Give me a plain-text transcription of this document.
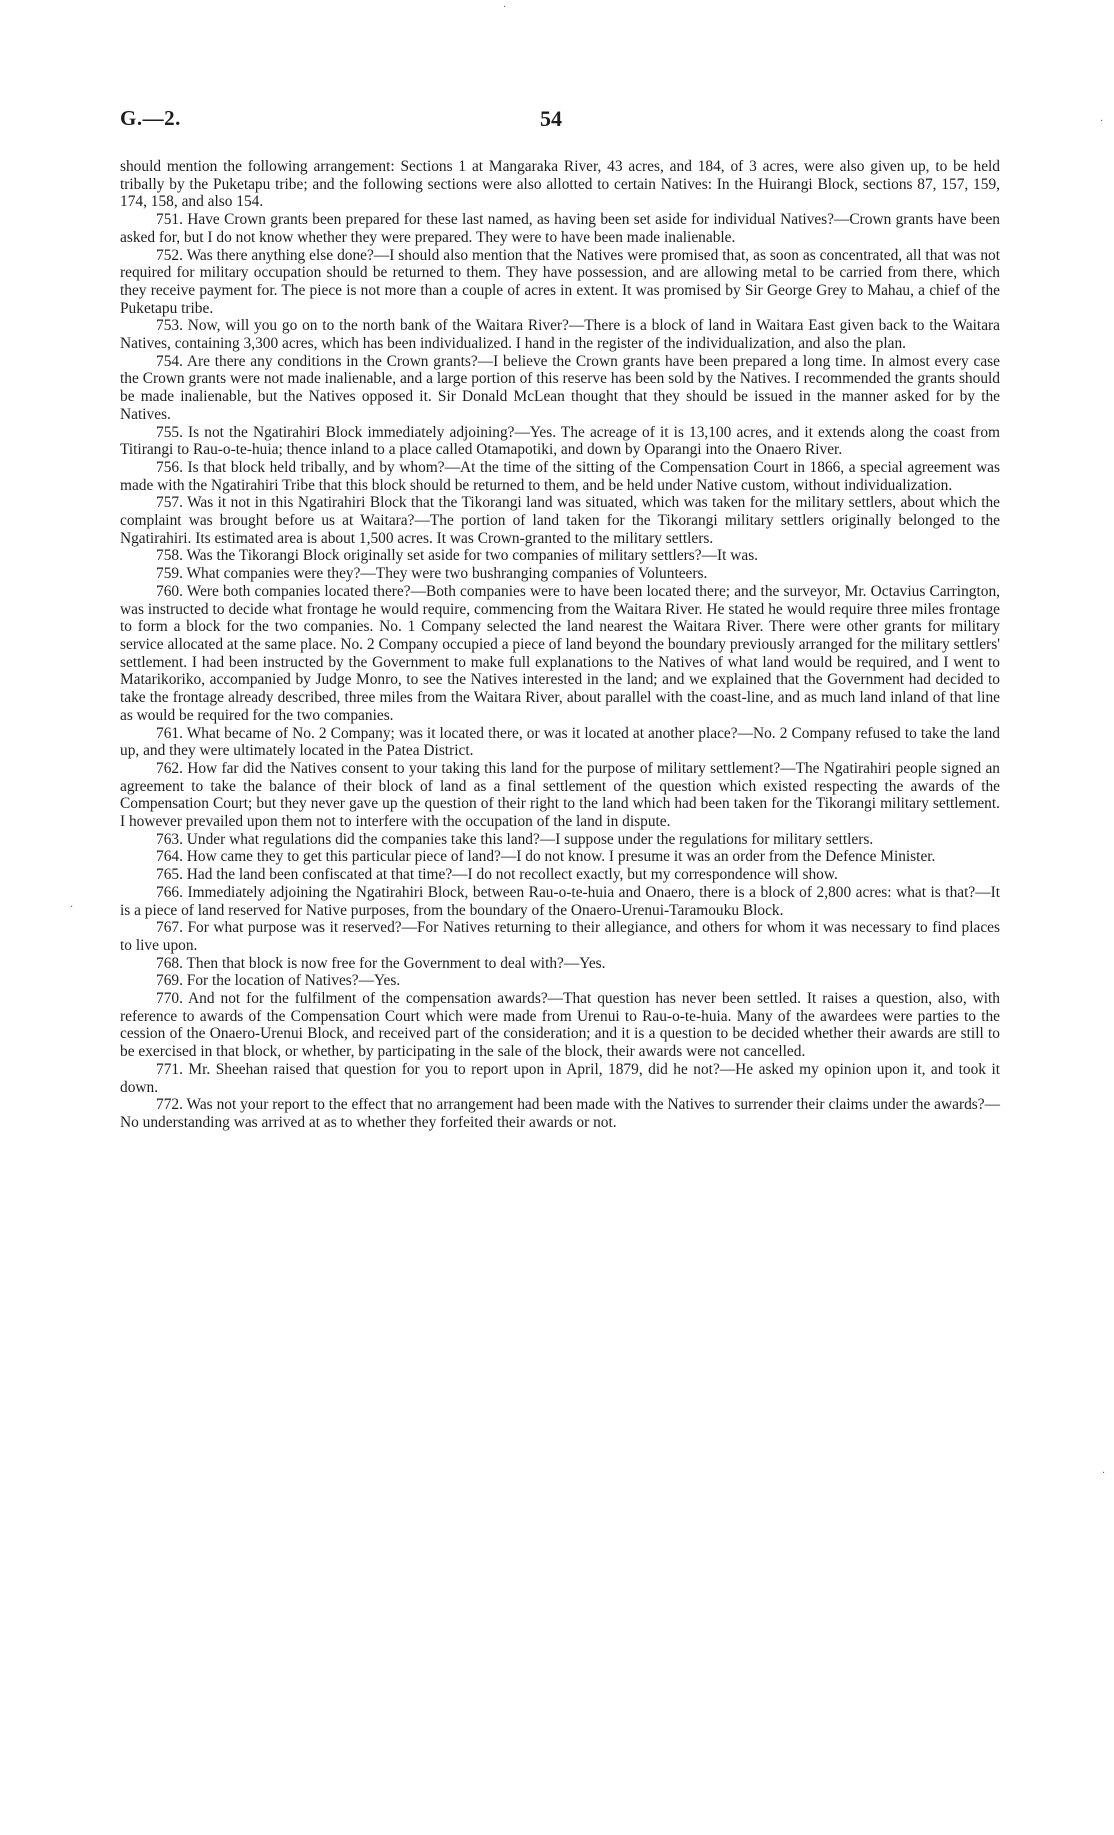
G.—2.	54

should mention the following arrangement: Sections 1 at Mangaraka River, 43 acres, and 184, of 3 acres, were also given up, to be held tribally by the Puketapu tribe; and the following sections were also allotted to certain Natives: In the Huirangi Block, sections 87, 157, 159, 174, 158, and also 154.

751. Have Crown grants been prepared for these last named, as having been set aside for individual Natives?—Crown grants have been asked for, but I do not know whether they were prepared. They were to have been made inalienable.

752. Was there anything else done?—I should also mention that the Natives were promised that, as soon as concentrated, all that was not required for military occupation should be returned to them. They have possession, and are allowing metal to be carried from there, which they receive payment for. The piece is not more than a couple of acres in extent. It was promised by Sir George Grey to Mahau, a chief of the Puketapu tribe.

753. Now, will you go on to the north bank of the Waitara River?—There is a block of land in Waitara East given back to the Waitara Natives, containing 3,300 acres, which has been individualized. I hand in the register of the individualization, and also the plan.

754. Are there any conditions in the Crown grants?—I believe the Crown grants have been prepared a long time. In almost every case the Crown grants were not made inalienable, and a large portion of this reserve has been sold by the Natives. I recommended the grants should be made inalienable, but the Natives opposed it. Sir Donald McLean thought that they should be issued in the manner asked for by the Natives.

755. Is not the Ngatirahiri Block immediately adjoining?—Yes. The acreage of it is 13,100 acres, and it extends along the coast from Titirangi to Rau-o-te-huia; thence inland to a place called Otamapotiki, and down by Oparangi into the Onaero River.

756. Is that block held tribally, and by whom?—At the time of the sitting of the Compensation Court in 1866, a special agreement was made with the Ngatirahiri Tribe that this block should be returned to them, and be held under Native custom, without individualization.

757. Was it not in this Ngatirahiri Block that the Tikorangi land was situated, which was taken for the military settlers, about which the complaint was brought before us at Waitara?—The portion of land taken for the Tikorangi military settlers originally belonged to the Ngatirahiri. Its estimated area is about 1,500 acres. It was Crown-granted to the military settlers.

758. Was the Tikorangi Block originally set aside for two companies of military settlers?—It was.

759. What companies were they?—They were two bushranging companies of Volunteers.

760. Were both companies located there?—Both companies were to have been located there; and the surveyor, Mr. Octavius Carrington, was instructed to decide what frontage he would require, commencing from the Waitara River. He stated he would require three miles frontage to form a block for the two companies. No. 1 Company selected the land nearest the Waitara River. There were other grants for military service allocated at the same place. No. 2 Company occupied a piece of land beyond the boundary previously arranged for the military settlers' settlement. I had been instructed by the Government to make full explanations to the Natives of what land would be required, and I went to Matarikoriko, accompanied by Judge Monro, to see the Natives interested in the land; and we explained that the Government had decided to take the frontage already described, three miles from the Waitara River, about parallel with the coast-line, and as much land inland of that line as would be required for the two companies.

761. What became of No. 2 Company; was it located there, or was it located at another place?—No. 2 Company refused to take the land up, and they were ultimately located in the Patea District.

762. How far did the Natives consent to your taking this land for the purpose of military settlement?—The Ngatirahiri people signed an agreement to take the balance of their block of land as a final settlement of the question which existed respecting the awards of the Compensation Court; but they never gave up the question of their right to the land which had been taken for the Tikorangi military settlement. I however prevailed upon them not to interfere with the occupation of the land in dispute.

763. Under what regulations did the companies take this land?—I suppose under the regulations for military settlers.

764. How came they to get this particular piece of land?—I do not know. I presume it was an order from the Defence Minister.

765. Had the land been confiscated at that time?—I do not recollect exactly, but my correspondence will show.

766. Immediately adjoining the Ngatirahiri Block, between Rau-o-te-huia and Onaero, there is a block of 2,800 acres: what is that?—It is a piece of land reserved for Native purposes, from the boundary of the Onaero-Urenui-Taramouku Block.

767. For what purpose was it reserved?—For Natives returning to their allegiance, and others for whom it was necessary to find places to live upon.

768. Then that block is now free for the Government to deal with?—Yes.

769. For the location of Natives?—Yes.

770. And not for the fulfilment of the compensation awards?—That question has never been settled. It raises a question, also, with reference to awards of the Compensation Court which were made from Urenui to Rau-o-te-huia. Many of the awardees were parties to the cession of the Onaero-Urenui Block, and received part of the consideration; and it is a question to be decided whether their awards are still to be exercised in that block, or whether, by participating in the sale of the block, their awards were not cancelled.

771. Mr. Sheehan raised that question for you to report upon in April, 1879, did he not?—He asked my opinion upon it, and took it down.

772. Was not your report to the effect that no arrangement had been made with the Natives to surrender their claims under the awards?—No understanding was arrived at as to whether they forfeited their awards or not.

·
·
·
·
